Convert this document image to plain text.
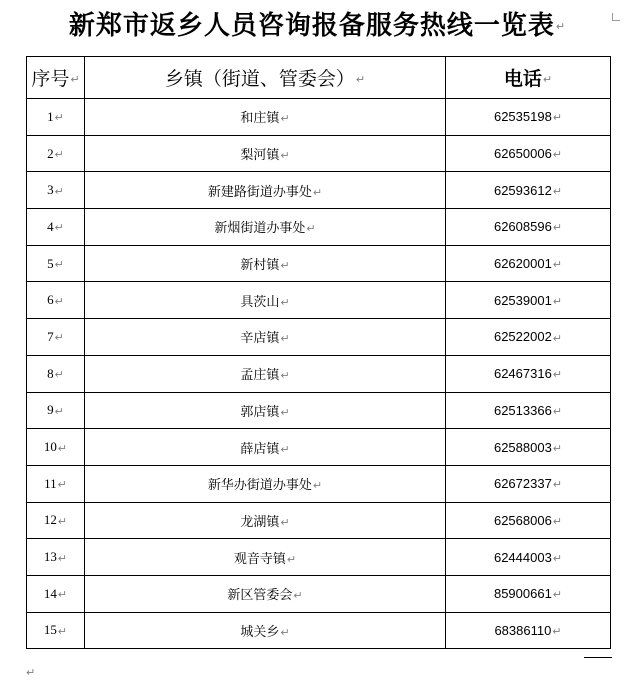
新郑市返乡人员咨询报备服务热线一览表↵
序号↵	乡镇（街道、管委会）↵	电话↵
1↵	和庄镇↵	62535198↵
2↵	梨河镇↵	62650006↵
3↵	新建路街道办事处↵	62593612↵
4↵	新烟街道办事处↵	62608596↵
5↵	新村镇↵	62620001↵
6↵	具茨山↵	62539001↵
7↵	辛店镇↵	62522002↵
8↵	孟庄镇↵	62467316↵
9↵	郭店镇↵	62513366↵
10↵	薛店镇↵	62588003↵
11↵	新华办街道办事处↵	62672337↵
12↵	龙湖镇↵	62568006↵
13↵	观音寺镇↵	62444003↵
14↵	新区管委会↵	85900661↵
15↵	城关乡↵	68386110↵
↵
